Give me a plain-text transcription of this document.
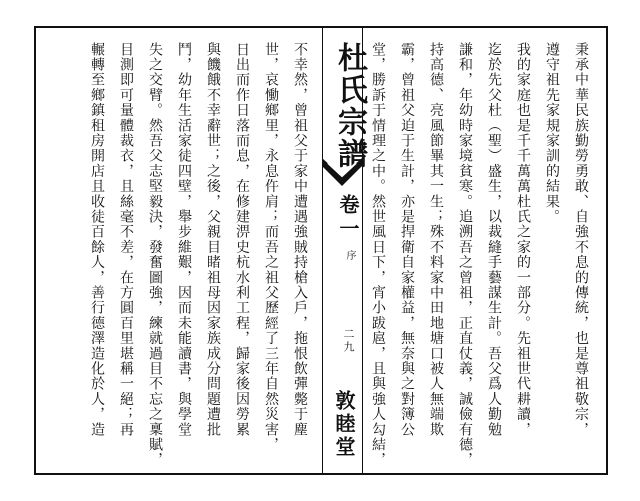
秉承中華民族勤勞勇敢、自強不息的傳統，也是尊祖敬宗，
遵守祖先家規家訓的結果。
我的家庭也是千千萬萬杜氏之家的一部分。先祖世代耕讀，
迄於先父杜（聖）盛生，以裁縫手藝謀生計。吾父爲人勤勉
謙和，年幼時家境貧寒。追溯吾之曾祖，正直仗義，誠儉有德，
持高德、亮風節畢其一生；殊不料家中田地塘口被人無端欺
霸，曾祖父迫于生計，亦是捍衛自家權益，無奈與之對簿公
堂，勝訴于情理之中。然世風日下，宵小跋扈，且與強人勾結，
杜氏宗譜
卷一
序
二九
敦睦堂
不幸然，曾祖父于家中遭遇強賊持槍入戶，拖恨飲彈斃于塵
世，哀慟鄉里，永息仵肩；而吾之祖父歷經了三年自然災害，
日出而作日落而息，在修建淠史杭水利工程，歸家後因勞累
與饑餓不幸辭世；之後，父親目睹祖母因家族成分問題遭批
鬥，幼年生活家徒四壁，舉步維艱，因而未能讀書，與學堂
失之交臂。然吾父志堅毅決，發奮圖強，練就過目不忘之稟賦，
目測即可量體裁衣，且絲毫不差，在方圓百里堪稱一絕；再
輾轉至鄉鎮租房開店且收徒百餘人，善行德澤造化於人，造
